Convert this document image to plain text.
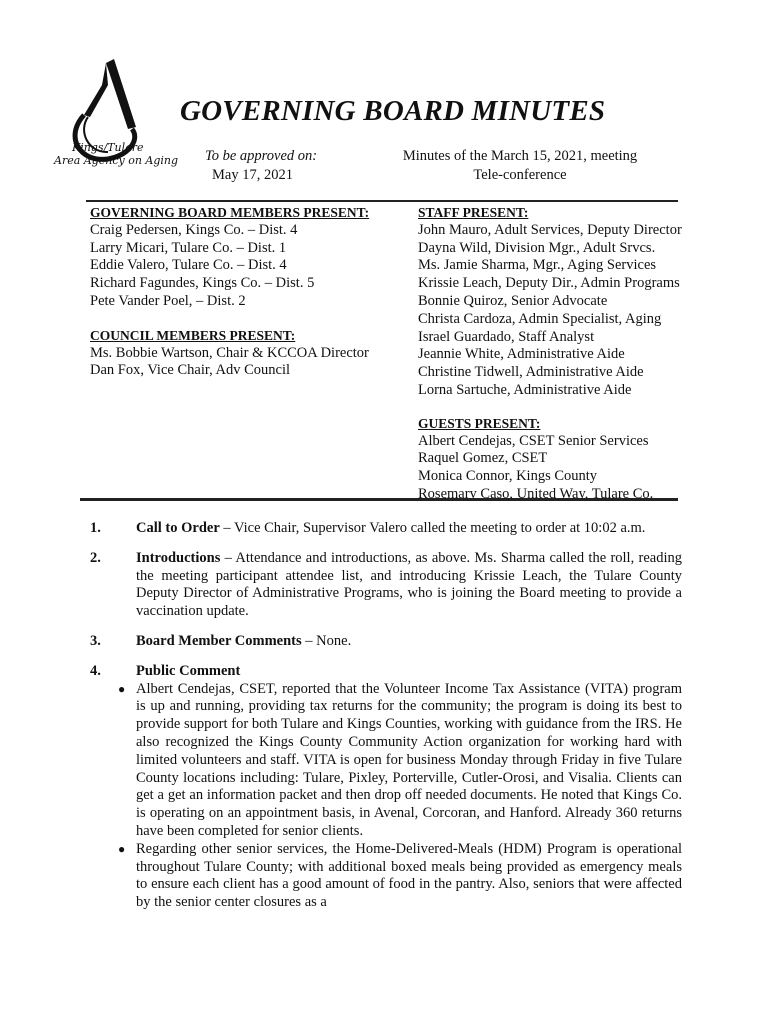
Kings/Tulare
Area Agency on Aging
GOVERNING BOARD MINUTES
To be approved on:
May 17, 2021
Minutes of the March 15, 2021, meeting
Tele-conference
GOVERNING BOARD MEMBERS PRESENT:
Craig Pedersen, Kings Co. – Dist. 4
Larry Micari, Tulare Co. – Dist. 1
Eddie Valero, Tulare Co. – Dist. 4
Richard Fagundes, Kings Co. – Dist. 5
Pete Vander Poel, – Dist. 2
COUNCIL MEMBERS PRESENT:
Ms. Bobbie Wartson, Chair & KCCOA Director
Dan Fox, Vice Chair, Adv Council
STAFF PRESENT:
John Mauro, Adult Services, Deputy Director
Dayna Wild, Division Mgr., Adult Srvcs.
Ms. Jamie Sharma, Mgr., Aging Services
Krissie Leach, Deputy Dir., Admin Programs
Bonnie Quiroz, Senior Advocate
Christa Cardoza, Admin Specialist, Aging
Israel Guardado, Staff Analyst
Jeannie White, Administrative Aide
Christine Tidwell, Administrative Aide
Lorna Sartuche, Administrative Aide
GUESTS PRESENT:
Albert Cendejas, CSET Senior Services
Raquel Gomez, CSET
Monica Connor, Kings County
Rosemary Caso, United Way, Tulare Co.
1. Call to Order – Vice Chair, Supervisor Valero called the meeting to order at 10:02 a.m.
2. Introductions – Attendance and introductions, as above. Ms. Sharma called the roll, reading the meeting participant attendee list, and introducing Krissie Leach, the Tulare County Deputy Director of Administrative Programs, who is joining the Board meeting to provide a vaccination update.
3. Board Member Comments – None.
4. Public Comment
● Albert Cendejas, CSET, reported that the Volunteer Income Tax Assistance (VITA) program is up and running, providing tax returns for the community; the program is doing its best to provide support for both Tulare and Kings Counties, working with guidance from the IRS. He also recognized the Kings County Community Action organization for working hard with limited volunteers and staff. VITA is open for business Monday through Friday in five Tulare County locations including: Tulare, Pixley, Porterville, Cutler-Orosi, and Visalia. Clients can get a get an information packet and then drop off needed documents. He noted that Kings Co. is operating on an appointment basis, in Avenal, Corcoran, and Hanford. Already 360 returns have been completed for senior clients.
● Regarding other senior services, the Home-Delivered-Meals (HDM) Program is operational throughout Tulare County; with additional boxed meals being provided as emergency meals to ensure each client has a good amount of food in the pantry. Also, seniors that were affected by the senior center closures as a
